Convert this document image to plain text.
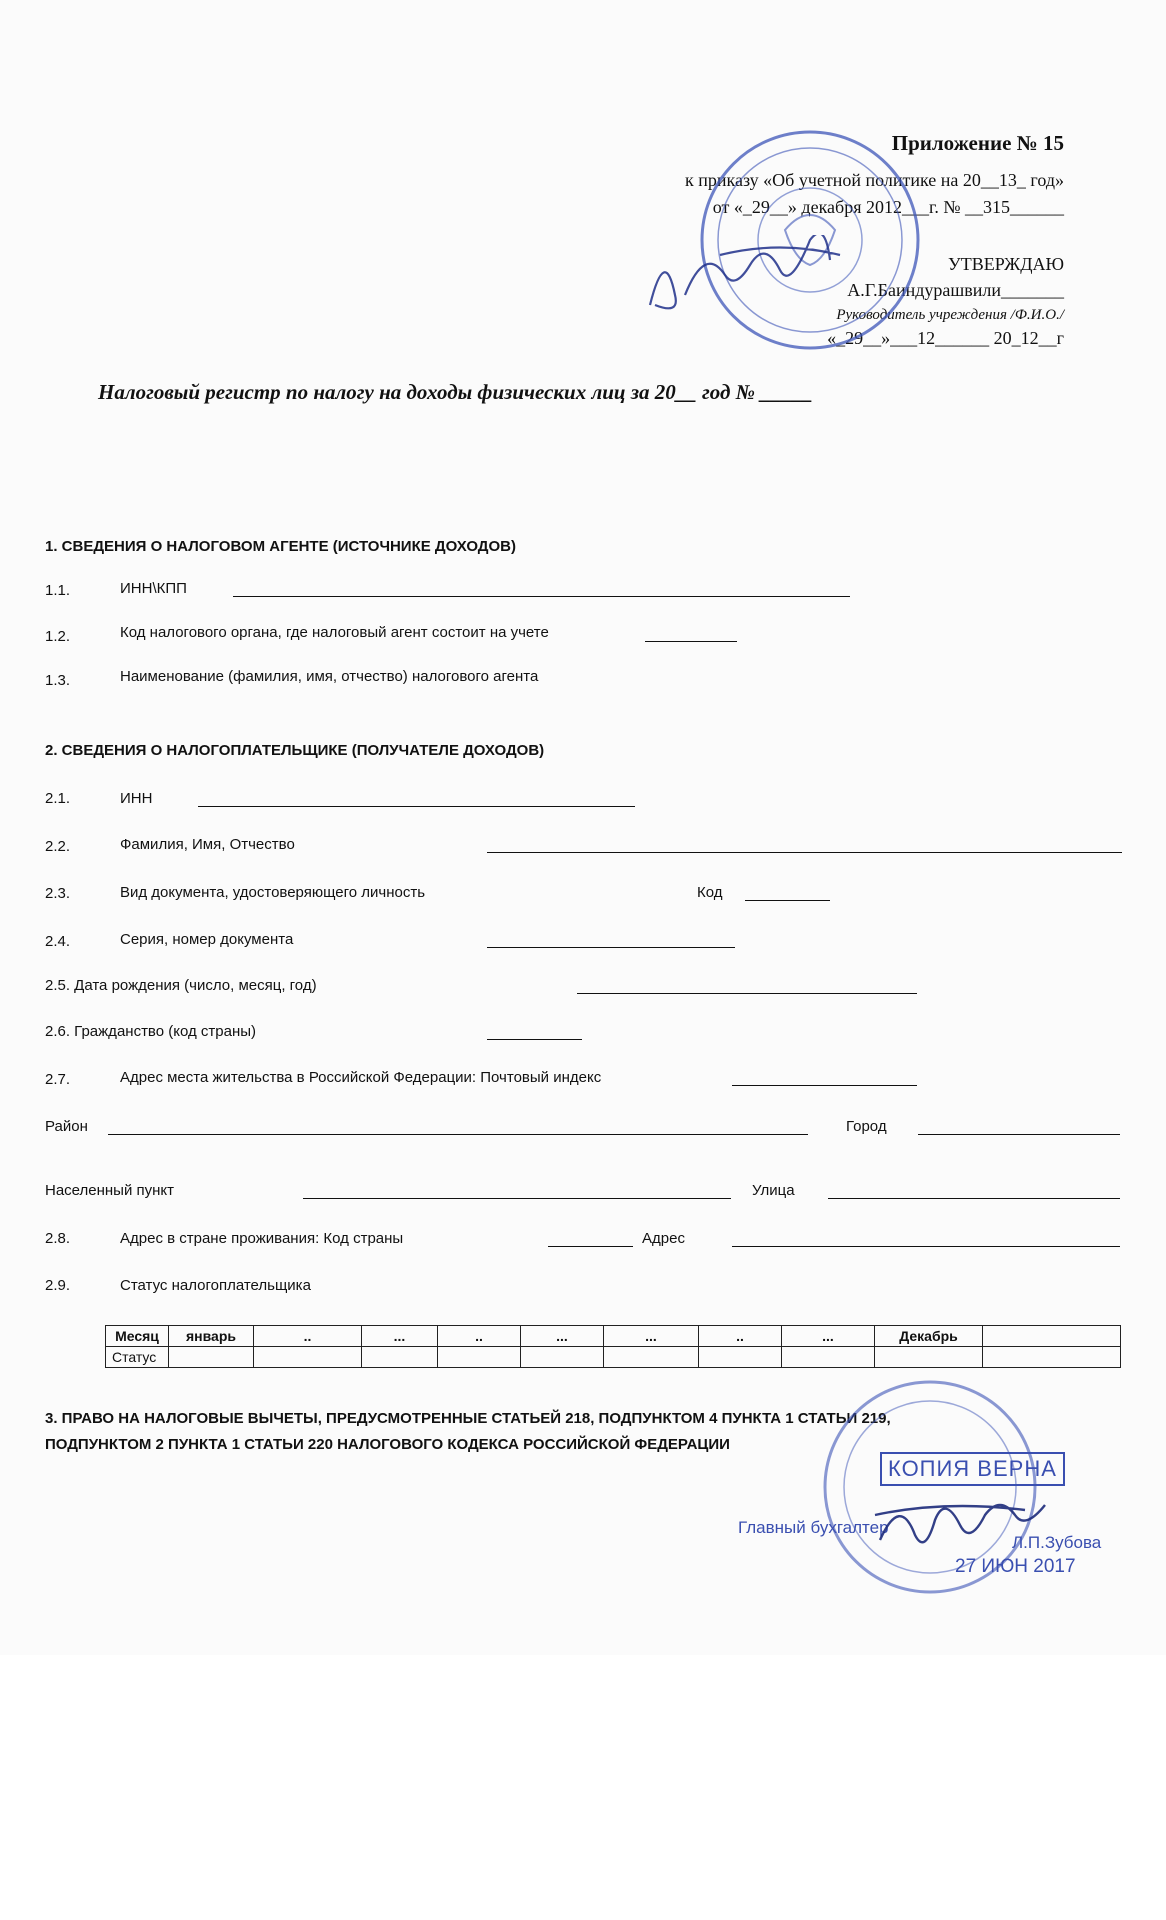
Приложение № 15
к приказу «Об учетной политике на 20__13_ год»
от «_29__» декабря 2012___г. № __315______
УТВЕРЖДАЮ
А.Г.Баиндурашвили_______
Руководитель учреждения /Ф.И.О./
«_29__»___12______ 20_12__г
Налоговый регистр по налогу на доходы физических лиц за 20__ год № _____
1. СВЕДЕНИЯ О НАЛОГОВОМ АГЕНТЕ (ИСТОЧНИКЕ ДОХОДОВ)
1.1.	ИНН\КПП
1.2.	Код налогового органа, где налоговый агент состоит на учете
1.3.	Наименование (фамилия, имя, отчество) налогового агента
2. СВЕДЕНИЯ О НАЛОГОПЛАТЕЛЬЩИКЕ (ПОЛУЧАТЕЛЕ ДОХОДОВ)
2.1.	ИНН
2.2.	Фамилия, Имя, Отчество
2.3.	Вид документа, удостоверяющего личность	Код
2.4.	Серия, номер документа
2.5. Дата рождения (число, месяц, год)
2.6. Гражданство (код страны)
2.7.	Адрес места жительства в Российской Федерации: Почтовый индекс
Район	Город
Населенный пункт	Улица
2.8.	Адрес в стране проживания: Код страны	Адрес
2.9.	Статус налогоплательщика
Месяц	январь	..	...	..	...	...	..	...	Декабрь	
Статус										
3. ПРАВО НА НАЛОГОВЫЕ ВЫЧЕТЫ, ПРЕДУСМОТРЕННЫЕ СТАТЬЕЙ 218, ПОДПУНКТОМ 4 ПУНКТА 1 СТАТЬИ 219,
ПОДПУНКТОМ 2 ПУНКТА 1 СТАТЬИ 220 НАЛОГОВОГО КОДЕКСА РОССИЙСКОЙ ФЕДЕРАЦИИ
КОПИЯ ВЕРНА
Главный бухгалтер
Л.П.Зубова
27 ИЮН 2017
